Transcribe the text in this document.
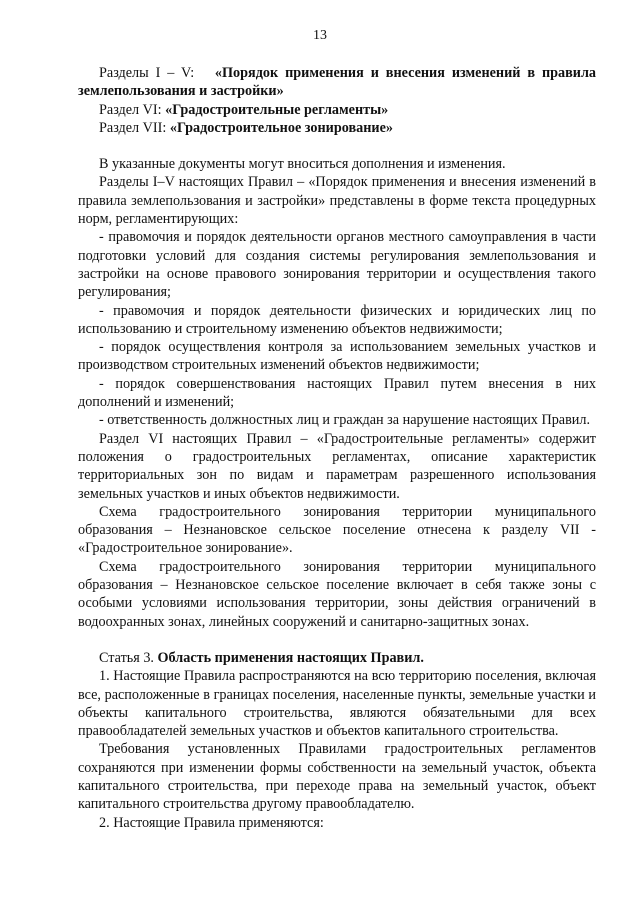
13

Разделы I – V: «Порядок применения и внесения изменений в правила землепользования и застройки»

Раздел VI: «Градостроительные регламенты»

Раздел VII: «Градостроительное зонирование»

В указанные документы могут вноситься дополнения и изменения.

Разделы I–V настоящих Правил – «Порядок применения и внесения изменений в правила землепользования и застройки» представлены в форме текста процедурных норм, регламентирующих:

- правомочия и порядок деятельности органов местного самоуправления в части подготовки условий для создания системы регулирования землепользования и застройки на основе правового зонирования территории и осуществления такого регулирования;

- правомочия и порядок деятельности физических и юридических лиц по использованию и строительному изменению объектов недвижимости;

- порядок осуществления контроля за использованием земельных участков и производством строительных изменений объектов недвижимости;

- порядок совершенствования настоящих Правил путем внесения в них дополнений и изменений;

- ответственность должностных лиц и граждан за нарушение настоящих Правил.

Раздел VI настоящих Правил – «Градостроительные регламенты» содержит положения о градостроительных регламентах, описание характеристик территориальных зон по видам и параметрам разрешенного использования земельных участков и иных объектов недвижимости.

Схема градостроительного зонирования территории муниципального образования – Незнановское сельское поселение отнесена к разделу VII - «Градостроительное зонирование».

Схема градостроительного зонирования территории муниципального образования – Незнановское сельское поселение включает в себя также зоны с особыми условиями использования территории, зоны действия ограничений в водоохранных зонах, линейных сооружений и санитарно-защитных зонах.

Статья 3. Область применения настоящих Правил.

1. Настоящие Правила распространяются на всю территорию поселения, включая все, расположенные в границах поселения, населенные пункты, земельные участки и объекты капитального строительства, являются обязательными для всех правообладателей земельных участков и объектов капитального строительства.

Требования установленных Правилами градостроительных регламентов сохраняются при изменении формы собственности на земельный участок, объекта капитального строительства, при переходе права на земельный участок, объект капитального строительства другому правообладателю.

2. Настоящие Правила применяются:
